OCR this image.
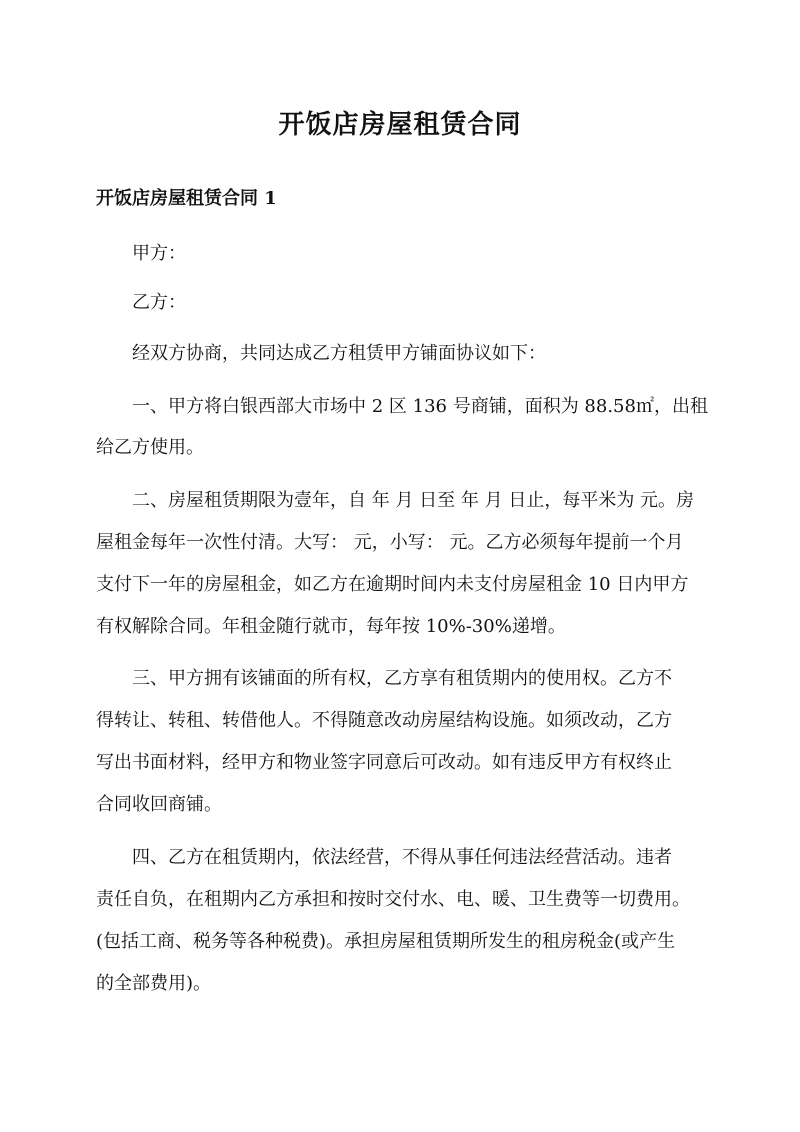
开饭店房屋租赁合同
开饭店房屋租赁合同 1

甲方：

乙方：

经双方协商，共同达成乙方租赁甲方铺面协议如下：

一、甲方将白银西部大市场中 2 区 136 号商铺，面积为 88.58㎡，出租

给乙方使用。

二、房屋租赁期限为壹年，自 年 月 日至 年 月 日止，每平米为 元。房

屋租金每年一次性付清。大写： 元，小写： 元。乙方必须每年提前一个月

支付下一年的房屋租金，如乙方在逾期时间内未支付房屋租金 10 日内甲方

有权解除合同。年租金随行就市，每年按 10%-30%递增。

三、甲方拥有该铺面的所有权，乙方享有租赁期内的使用权。乙方不

得转让、转租、转借他人。不得随意改动房屋结构设施。如须改动，乙方

写出书面材料，经甲方和物业签字同意后可改动。如有违反甲方有权终止

合同收回商铺。

四、乙方在租赁期内，依法经营，不得从事任何违法经营活动。违者

责任自负，在租期内乙方承担和按时交付水、电、暖、卫生费等一切费用。

(包括工商、税务等各种税费)。承担房屋租赁期所发生的租房税金(或产生

的全部费用)。
